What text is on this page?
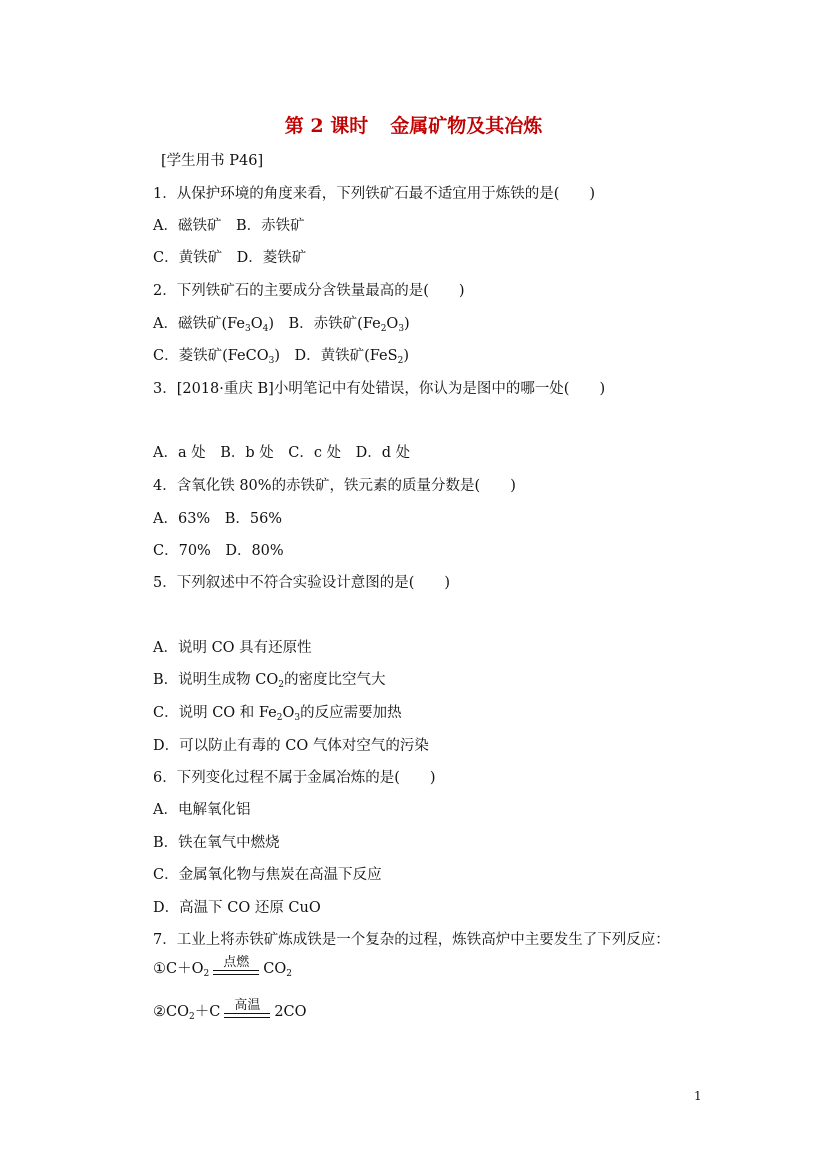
第 2 课时 金属矿物及其冶炼
[学生用书 P46]
1．从保护环境的角度来看，下列铁矿石最不适宜用于炼铁的是( )
A．磁铁矿　B．赤铁矿
C．黄铁矿　D．菱铁矿
2．下列铁矿石的主要成分含铁量最高的是( )
A．磁铁矿$(Fe_3O_4)$　 B．赤铁矿$(Fe_2O_3)$
C．菱铁矿(FeCO$_3$)　 D．黄铁矿(FeS$_2$)
3．[2018·重庆 B]小明笔记中有处错误，你认为是图中的哪一处( )
A．a 处　B．b 处　C．c 处　D．d 处
4．含氧化铁 80%的赤铁矿，铁元素的质量分数是( )
A．63%　B．56%
C．70%　D．80%
5．下列叙述中不符合实验设计意图的是( )
A．说明 CO 具有还原性
B．说明生成物 $CO_2$的密度比空气大
C．说明 CO 和 $Fe_2O_3$的反应需要加热
D．可以防止有毒的 CO 气体对空气的污染
6．下列变化过程不属于金属冶炼的是( )
A．电解氧化铝
B．铁在氧气中燃烧
C．金属氧化物与焦炭在高温下反应
D．高温下 CO 还原 CuO
7．工业上将赤铁矿炼成铁是一个复杂的过程，炼铁高炉中主要发生了下列反应：
$①C+O_2$
点燃 $CO_2$
$②CO_2+C$ 高温 2CO
1
